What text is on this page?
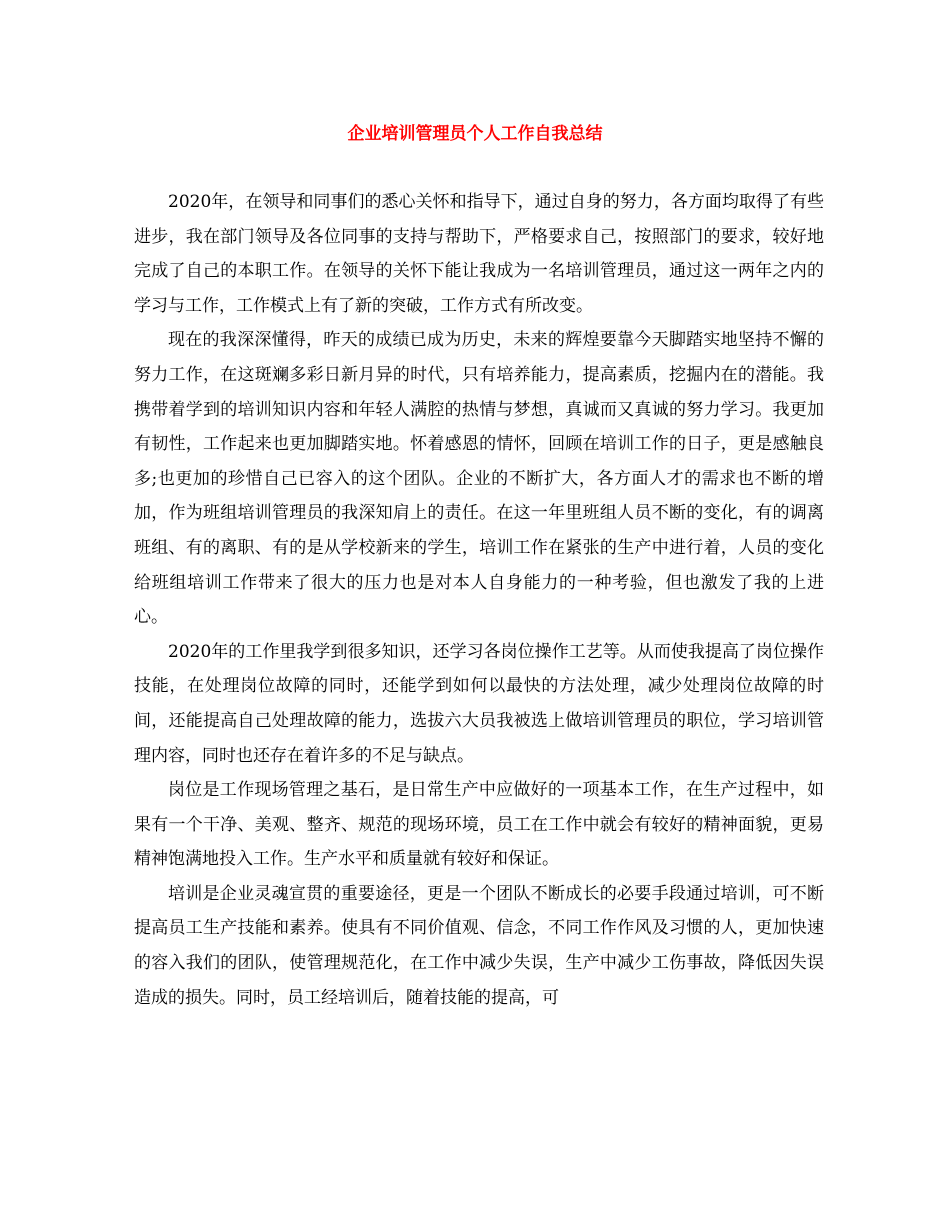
企业培训管理员个人工作自我总结

2020年，在领导和同事们的悉心关怀和指导下，通过自身的努力，各方面均取得了有些进步，我在部门领导及各位同事的支持与帮助下，严格要求自己，按照部门的要求，较好地完成了自己的本职工作。在领导的关怀下能让我成为一名培训管理员，通过这一两年之内的学习与工作，工作模式上有了新的突破，工作方式有所改变。

现在的我深深懂得，昨天的成绩已成为历史，未来的辉煌要靠今天脚踏实地坚持不懈的努力工作，在这斑斓多彩日新月异的时代，只有培养能力，提高素质，挖掘内在的潜能。我携带着学到的培训知识内容和年轻人满腔的热情与梦想，真诚而又真诚的努力学习。我更加有韧性，工作起来也更加脚踏实地。怀着感恩的情怀，回顾在培训工作的日子，更是感触良多;也更加的珍惜自己已容入的这个团队。企业的不断扩大，各方面人才的需求也不断的增加，作为班组培训管理员的我深知肩上的责任。在这一年里班组人员不断的变化，有的调离班组、有的离职、有的是从学校新来的学生，培训工作在紧张的生产中进行着，人员的变化给班组培训工作带来了很大的压力也是对本人自身能力的一种考验，但也激发了我的上进心。

2020年的工作里我学到很多知识，还学习各岗位操作工艺等。从而使我提高了岗位操作技能，在处理岗位故障的同时，还能学到如何以最快的方法处理，减少处理岗位故障的时间，还能提高自己处理故障的能力，选拔六大员我被选上做培训管理员的职位，学习培训管理内容，同时也还存在着许多的不足与缺点。

岗位是工作现场管理之基石，是日常生产中应做好的一项基本工作，在生产过程中，如果有一个干净、美观、整齐、规范的现场环境，员工在工作中就会有较好的精神面貌，更易精神饱满地投入工作。生产水平和质量就有较好和保证。

培训是企业灵魂宣贯的重要途径，更是一个团队不断成长的必要手段通过培训，可不断提高员工生产技能和素养。使具有不同价值观、信念，不同工作作风及习惯的人，更加快速的容入我们的团队，使管理规范化，在工作中减少失误，生产中减少工伤事故，降低因失误造成的损失。同时，员工经培训后，随着技能的提高，可
